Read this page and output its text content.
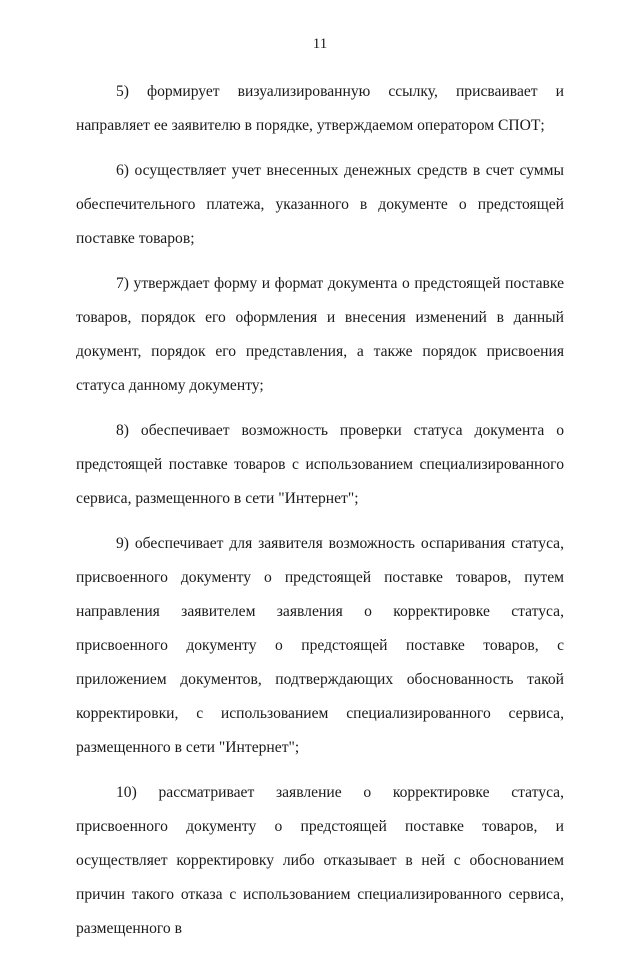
11

5) формирует визуализированную ссылку, присваивает и направляет ее заявителю в порядке, утверждаемом оператором СПОТ;

6) осуществляет учет внесенных денежных средств в счет суммы обеспечительного платежа, указанного в документе о предстоящей поставке товаров;

7) утверждает форму и формат документа о предстоящей поставке товаров, порядок его оформления и внесения изменений в данный документ, порядок его представления, а также порядок присвоения статуса данному документу;

8) обеспечивает возможность проверки статуса документа о предстоящей поставке товаров с использованием специализированного сервиса, размещенного в сети "Интернет";

9) обеспечивает для заявителя возможность оспаривания статуса, присвоенного документу о предстоящей поставке товаров, путем направления заявителем заявления о корректировке статуса, присвоенного документу о предстоящей поставке товаров, с приложением документов, подтверждающих обоснованность такой корректировки, с использованием специализированного сервиса, размещенного в сети "Интернет";

10) рассматривает заявление о корректировке статуса, присвоенного документу о предстоящей поставке товаров, и осуществляет корректировку либо отказывает в ней с обоснованием причин такого отказа с использованием специализированного сервиса, размещенного в
